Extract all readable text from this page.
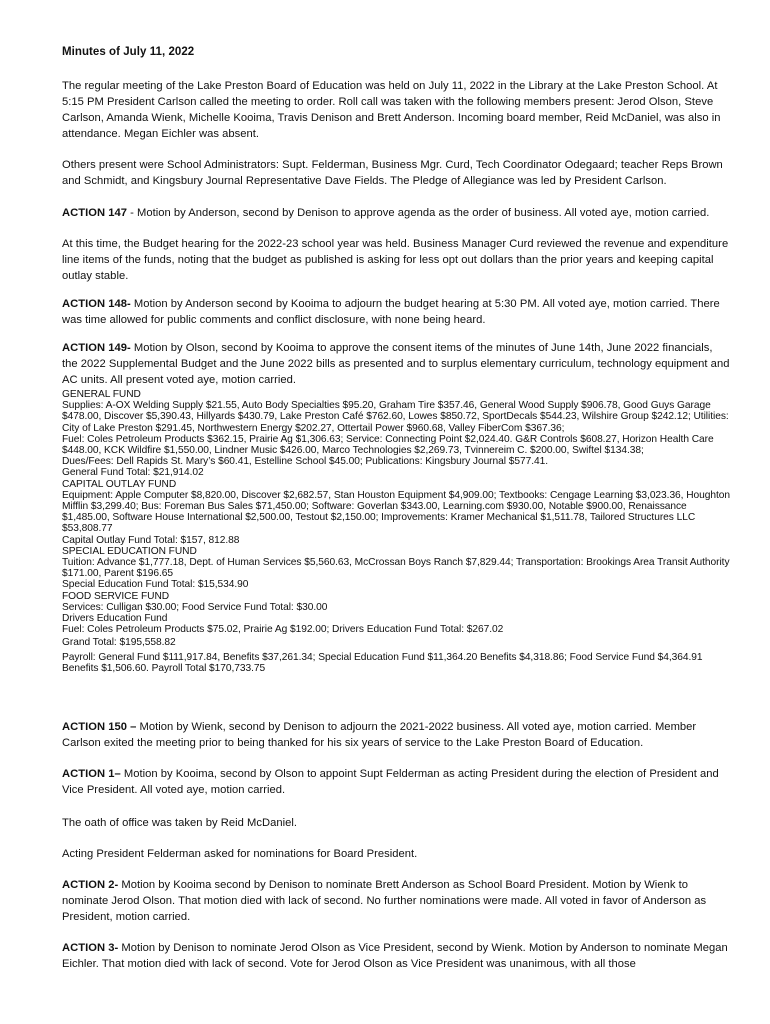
Minutes of July 11, 2022
The regular meeting of the Lake Preston Board of Education was held on July 11, 2022 in the Library at the Lake Preston School. At 5:15 PM President Carlson called the meeting to order. Roll call was taken with the following members present: Jerod Olson, Steve Carlson, Amanda Wienk, Michelle Kooima, Travis Denison and Brett Anderson. Incoming board member, Reid McDaniel, was also in attendance. Megan Eichler was absent.
Others present were School Administrators: Supt. Felderman, Business Mgr. Curd, Tech Coordinator Odegaard; teacher Reps Brown and Schmidt, and Kingsbury Journal Representative Dave Fields. The Pledge of Allegiance was led by President Carlson.
ACTION 147 - Motion by Anderson, second by Denison to approve agenda as the order of business. All voted aye, motion carried.
At this time, the Budget hearing for the 2022-23 school year was held. Business Manager Curd reviewed the revenue and expenditure line items of the funds, noting that the budget as published is asking for less opt out dollars than the prior years and keeping capital outlay stable.
ACTION 148- Motion by Anderson second by Kooima to adjourn the budget hearing at 5:30 PM. All voted aye, motion carried. There was time allowed for public comments and conflict disclosure, with none being heard.
ACTION 149- Motion by Olson, second by Kooima to approve the consent items of the minutes of June 14th, June 2022 financials, the 2022 Supplemental Budget and the June 2022 bills as presented and to surplus elementary curriculum, technology equipment and AC units. All present voted aye, motion carried.
GENERAL FUND
Supplies: A-OX Welding Supply $21.55, Auto Body Specialties $95.20, Graham Tire $357.46, General Wood Supply $906.78, Good Guys Garage $478.00, Discover $5,390.43, Hillyards $430.79, Lake Preston Café $762.60, Lowes $850.72, SportDecals $544.23, Wilshire Group $242.12; Utilities: City of Lake Preston $291.45, Northwestern Energy $202.27, Ottertail Power $960.68, Valley FiberCom $367.36;
Fuel: Coles Petroleum Products $362.15, Prairie Ag $1,306.63; Service: Connecting Point $2,024.40. G&R Controls $608.27, Horizon Health Care $448.00, KCK Wildfire $1,550.00, Lindner Music $426.00, Marco Technologies $2,269.73, Tvinnereim C. $200.00, Swiftel $134.38;
Dues/Fees: Dell Rapids St. Mary’s $60.41, Estelline School $45.00; Publications: Kingsbury Journal $577.41.
General Fund Total: $21,914.02
CAPITAL OUTLAY FUND
Equipment: Apple Computer $8,820.00, Discover $2,682.57, Stan Houston Equipment $4,909.00; Textbooks: Cengage Learning $3,023.36, Houghton Mifflin $3,299.40; Bus: Foreman Bus Sales $71,450.00; Software: Goverlan $343.00, Learning.com $930.00, Notable $900.00, Renaissance $1,485.00, Software House International $2,500.00, Testout $2,150.00; Improvements: Kramer Mechanical $1,511.78, Tailored Structures LLC $53,808.77
Capital Outlay Fund Total: $157, 812.88
SPECIAL EDUCATION FUND
Tuition: Advance $1,777.18, Dept. of Human Services $5,560.63, McCrossan Boys Ranch $7,829.44; Transportation: Brookings Area Transit Authority $171.00, Parent $196.65
Special Education Fund Total: $15,534.90
FOOD SERVICE FUND
Services: Culligan $30.00; Food Service Fund Total: $30.00
Drivers Education Fund
Fuel: Coles Petroleum Products $75.02, Prairie Ag $192.00; Drivers Education Fund Total: $267.02
Grand Total: $195,558.82
Payroll: General Fund $111,917.84, Benefits $37,261.34; Special Education Fund $11,364.20 Benefits $4,318.86; Food Service Fund $4,364.91 Benefits $1,506.60. Payroll Total $170,733.75
ACTION 150 – Motion by Wienk, second by Denison to adjourn the 2021-2022 business. All voted aye, motion carried. Member Carlson exited the meeting prior to being thanked for his six years of service to the Lake Preston Board of Education.
ACTION 1– Motion by Kooima, second by Olson to appoint Supt Felderman as acting President during the election of President and Vice President. All voted aye, motion carried.
The oath of office was taken by Reid McDaniel.
Acting President Felderman asked for nominations for Board President.
ACTION 2- Motion by Kooima second by Denison to nominate Brett Anderson as School Board President. Motion by Wienk to nominate Jerod Olson. That motion died with lack of second. No further nominations were made. All voted in favor of Anderson as President, motion carried.
ACTION 3- Motion by Denison to nominate Jerod Olson as Vice President, second by Wienk. Motion by Anderson to nominate Megan Eichler. That motion died with lack of second. Vote for Jerod Olson as Vice President was unanimous, with all those
